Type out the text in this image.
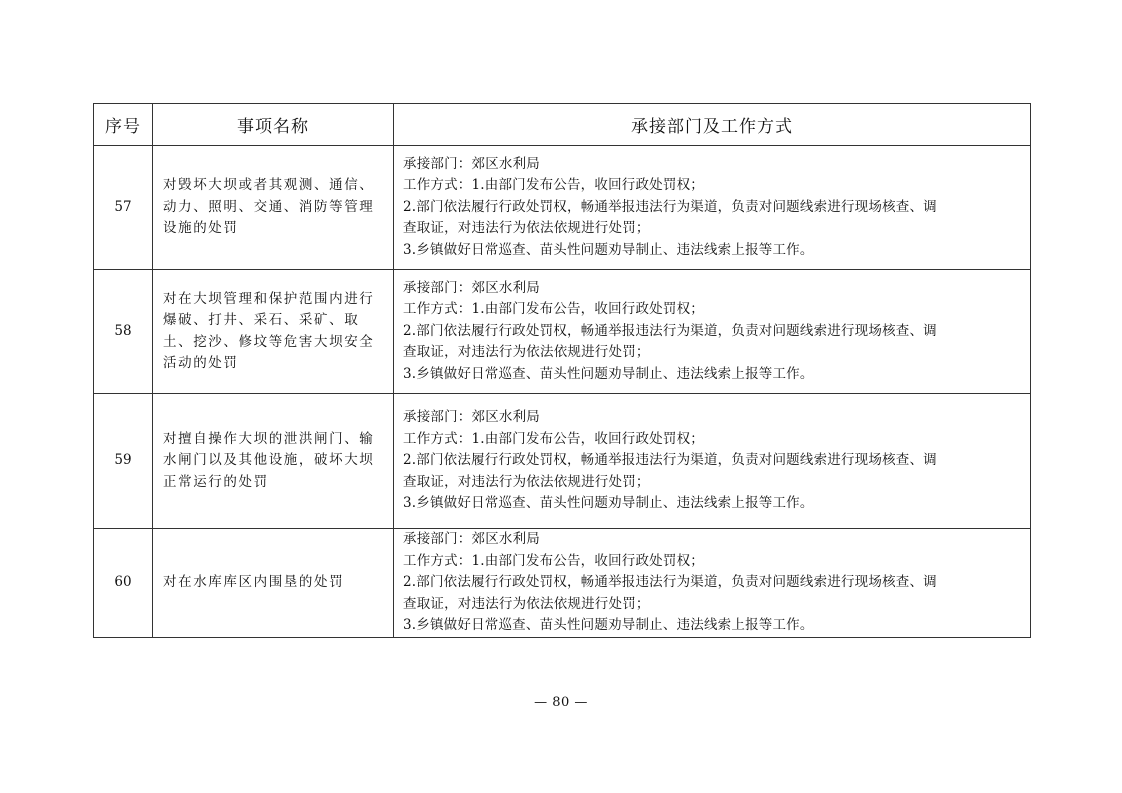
序号	事项名称	承接部门及工作方式
57	对毁坏大坝或者其观测、通信、动力、照明、交通、消防等管理设施的处罚	承接部门：郊区水利局
工作方式：1.由部门发布公告，收回行政处罚权；
2.部门依法履行行政处罚权，畅通举报违法行为渠道，负责对问题线索进行现场核查、调
查取证，对违法行为依法依规进行处罚；
3.乡镇做好日常巡查、苗头性问题劝导制止、违法线索上报等工作。

58	对在大坝管理和保护范围内进行爆破、打井、采石、采矿、取土、挖沙、修坟等危害大坝安全活动的处罚	承接部门：郊区水利局
工作方式：1.由部门发布公告，收回行政处罚权；
2.部门依法履行行政处罚权，畅通举报违法行为渠道，负责对问题线索进行现场核查、调
查取证，对违法行为依法依规进行处罚；
3.乡镇做好日常巡查、苗头性问题劝导制止、违法线索上报等工作。

59	对擅自操作大坝的泄洪闸门、输水闸门以及其他设施，破坏大坝正常运行的处罚	承接部门：郊区水利局
工作方式：1.由部门发布公告，收回行政处罚权；
2.部门依法履行行政处罚权，畅通举报违法行为渠道，负责对问题线索进行现场核查、调
查取证，对违法行为依法依规进行处罚；
3.乡镇做好日常巡查、苗头性问题劝导制止、违法线索上报等工作。

60	对在水库库区内围垦的处罚	承接部门：郊区水利局
工作方式：1.由部门发布公告，收回行政处罚权；
2.部门依法履行行政处罚权，畅通举报违法行为渠道，负责对问题线索进行现场核查、调
查取证，对违法行为依法依规进行处罚；
3.乡镇做好日常巡查、苗头性问题劝导制止、违法线索上报等工作。
— 80 —
